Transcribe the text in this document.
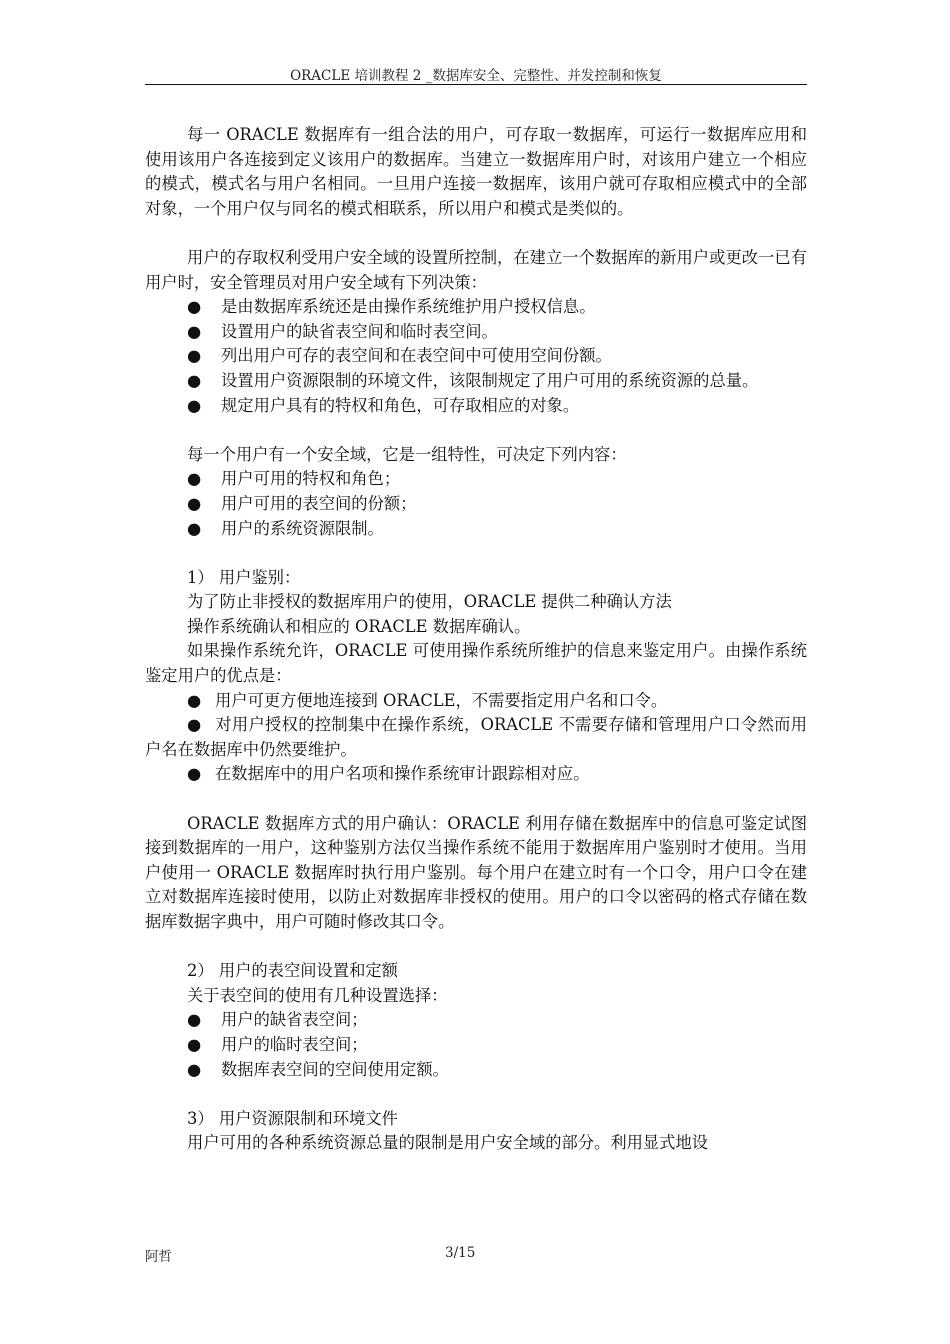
ORACLE 培训教程 2 _数据库安全、完整性、并发控制和恢复

每一 ORACLE 数据库有一组合法的用户，可存取一数据库，可运行一数据库应用和使用该用户各连接到定义该用户的数据库。当建立一数据库用户时，对该用户建立一个相应的模式，模式名与用户名相同。一旦用户连接一数据库，该用户就可存取相应模式中的全部对象，一个用户仅与同名的模式相联系，所以用户和模式是类似的。

用户的存取权利受用户安全域的设置所控制，在建立一个数据库的新用户或更改一已有用户时，安全管理员对用户安全域有下列决策：

● 是由数据库系统还是由操作系统维护用户授权信息。

● 设置用户的缺省表空间和临时表空间。

● 列出用户可存的表空间和在表空间中可使用空间份额。

● 设置用户资源限制的环境文件，该限制规定了用户可用的系统资源的总量。

● 规定用户具有的特权和角色，可存取相应的对象。

每一个用户有一个安全域，它是一组特性，可决定下列内容：

● 用户可用的特权和角色；

● 用户可用的表空间的份额；

● 用户的系统资源限制。

1） 用户鉴别：

为了防止非授权的数据库用户的使用，ORACLE 提供二种确认方法

操作系统确认和相应的 ORACLE 数据库确认。

如果操作系统允许，ORACLE 可使用操作系统所维护的信息来鉴定用户。由操作系统鉴定用户的优点是：

● 用户可更方便地连接到 ORACLE，不需要指定用户名和口令。

● 对用户授权的控制集中在操作系统，ORACLE 不需要存储和管理用户口令然而用户名在数据库中仍然要维护。

● 在数据库中的用户名项和操作系统审计跟踪相对应。

ORACLE 数据库方式的用户确认：ORACLE 利用存储在数据库中的信息可鉴定试图接到数据库的一用户，这种鉴别方法仅当操作系统不能用于数据库用户鉴别时才使用。当用户使用一 ORACLE 数据库时执行用户鉴别。每个用户在建立时有一个口令，用户口令在建立对数据库连接时使用，以防止对数据库非授权的使用。用户的口令以密码的格式存储在数据库数据字典中，用户可随时修改其口令。

2） 用户的表空间设置和定额

关于表空间的使用有几种设置选择：

● 用户的缺省表空间；

● 用户的临时表空间；

● 数据库表空间的空间使用定额。

3） 用户资源限制和环境文件

用户可用的各种系统资源总量的限制是用户安全域的部分。利用显式地设

阿哲	3/15
